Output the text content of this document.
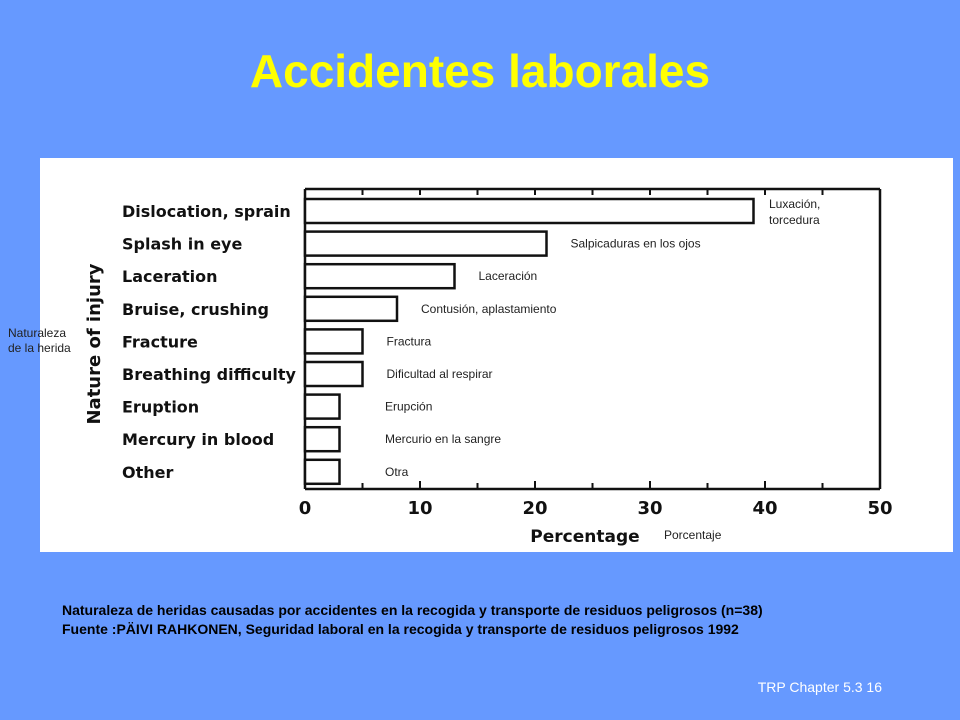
Accidentes laborales
0	10	20	30	40	50
Percentage
Nature of injury
Dislocation, sprain	Luxación,
torcedura
Splash in eye	Salpicaduras en los ojos
Laceration	Laceración
Bruise, crushing	Contusión, aplastamiento
Fracture	Fractura
Breathing difficulty	Dificultad al respirar
Eruption	Erupción
Mercury in blood	Mercurio en la sangre
Other	Otra
Naturaleza
de la herida
Porcentaje
Naturaleza de heridas causadas por accidentes en la recogida y transporte de residuos peligrosos (n=38)
Fuente :PÄIVI RAHKONEN, Seguridad laboral en la recogida y transporte de residuos peligrosos 1992
TRP Chapter 5.3 16
